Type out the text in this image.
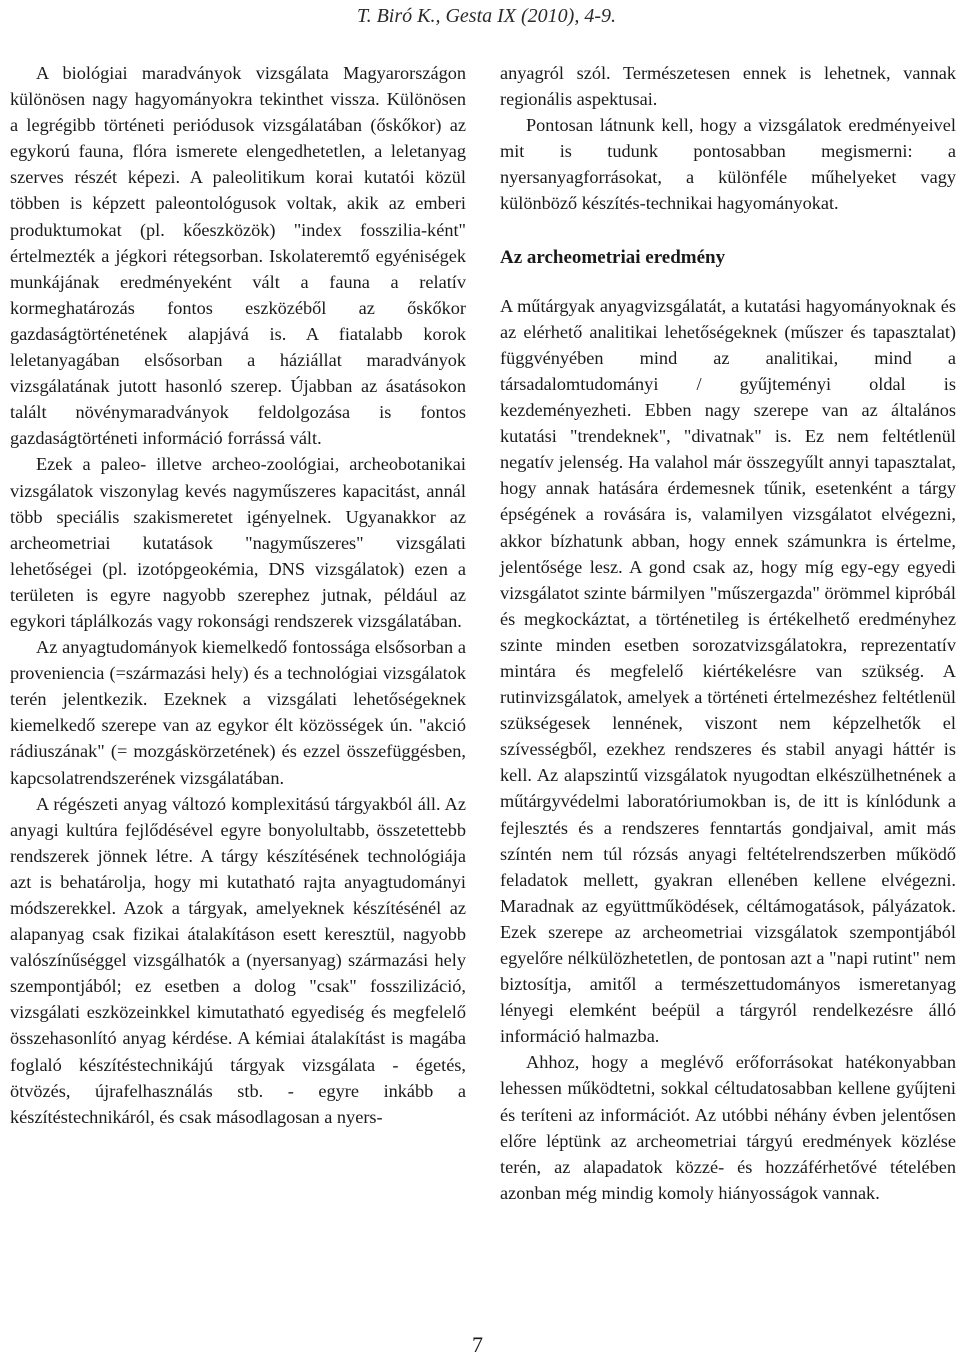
T. Biró K., Gesta IX (2010), 4-9.

A biológiai maradványok vizsgálata Magyarországon különösen nagy hagyományokra tekinthet vissza. Különösen a legrégibb történeti periódusok vizsgálatában (őskőkor) az egykorú fauna, flóra ismerete elengedhetetlen, a leletanyag szerves részét képezi. A paleolitikum korai kutatói közül többen is képzett paleontológusok voltak, akik az emberi produktumokat (pl. kőeszközök) "index fosszilia-ként" értelmezték a jégkori rétegsorban. Iskolateremtő egyéniségek munkájának eredményeként vált a fauna a relatív kormeghatározás fontos eszközéből az őskőkor gazdaságtörténetének alapjává is. A fiatalabb korok leletanyagában elsősorban a háziállat maradványok vizsgálatának jutott hasonló szerep. Újabban az ásatásokon talált növénymaradványok feldolgozása is fontos gazdaságtörténeti információ forrássá vált.

Ezek a paleo- illetve archeo-zoológiai, archeobotanikai vizsgálatok viszonylag kevés nagyműszeres kapacitást, annál több speciális szakismeretet igényelnek. Ugyanakkor az archeometriai kutatások "nagyműszeres" vizsgálati lehetőségei (pl. izotópgeokémia, DNS vizsgálatok) ezen a területen is egyre nagyobb szerephez jutnak, például az egykori táplálkozás vagy rokonsági rendszerek vizsgálatában.

Az anyagtudományok kiemelkedő fontossága elsősorban a proveniencia (=származási hely) és a technológiai vizsgálatok terén jelentkezik. Ezeknek a vizsgálati lehetőségeknek kiemelkedő szerepe van az egykor élt közösségek ún. "akció rádiuszának" (= mozgáskörzetének) és ezzel összefüggésben, kapcsolatrendszerének vizsgálatában.

A régészeti anyag változó komplexitású tárgyakból áll. Az anyagi kultúra fejlődésével egyre bonyolultabb, összetettebb rendszerek jönnek létre. A tárgy készítésének technológiája azt is behatárolja, hogy mi kutatható rajta anyagtudományi módszerekkel. Azok a tárgyak, amelyeknek készítésénél az alapanyag csak fizikai átalakításon esett keresztül, nagyobb valószínűséggel vizsgálhatók a (nyersanyag) származási hely szempontjából; ez esetben a dolog "csak" fosszilizáció, vizsgálati eszközeinkkel kimutatható egyediség és megfelelő összehasonlító anyag kérdése. A kémiai átalakítást is magába foglaló készítéstechnikájú tárgyak vizsgálata - égetés, ötvözés, újrafelhasználás stb. - egyre inkább a készítéstechnikáról, és csak másodlagosan a nyers-

anyagról szól. Természetesen ennek is lehetnek, vannak regionális aspektusai.

Pontosan látnunk kell, hogy a vizsgálatok eredményeivel mit is tudunk pontosabban megismerni: a nyersanyagforrásokat, a különféle műhelyeket vagy különböző készítés-technikai hagyományokat.

Az archeometriai eredmény

A műtárgyak anyagvizsgálatát, a kutatási hagyományoknak és az elérhető analitikai lehetőségeknek (műszer és tapasztalat) függvényében mind az analitikai, mind a társadalomtudományi / gyűjteményi oldal is kezdeményezheti. Ebben nagy szerepe van az általános kutatási "trendeknek", "divatnak" is. Ez nem feltétlenül negatív jelenség. Ha valahol már összegyűlt annyi tapasztalat, hogy annak hatására érdemesnek tűnik, esetenként a tárgy épségének a rovására is, valamilyen vizsgálatot elvégezni, akkor bízhatunk abban, hogy ennek számunkra is értelme, jelentősége lesz. A gond csak az, hogy míg egy-egy egyedi vizsgálatot szinte bármilyen "műszergazda" örömmel kipróbál és megkockáztat, a történetileg is értékelhető eredményhez szinte minden esetben sorozatvizsgálatokra, reprezentatív mintára és megfelelő kiértékelésre van szükség. A rutinvizsgálatok, amelyek a történeti értelmezéshez feltétlenül szükségesek lennének, viszont nem képzelhetők el szívességből, ezekhez rendszeres és stabil anyagi háttér is kell. Az alapszintű vizsgálatok nyugodtan elkészülhetnének a műtárgyvédelmi laboratóriumokban is, de itt is kínlódunk a fejlesztés és a rendszeres fenntartás gondjaival, amit más színtén nem túl rózsás anyagi feltételrendszerben működő feladatok mellett, gyakran ellenében kellene elvégezni. Maradnak az együttműködések, céltámogatások, pályázatok. Ezek szerepe az archeometriai vizsgálatok szempontjából egyelőre nélkülözhetetlen, de pontosan azt a "napi rutint" nem biztosítja, amitől a természettudományos ismeretanyag lényegi elemként beépül a tárgyról rendelkezésre álló információ halmazba.

Ahhoz, hogy a meglévő erőforrásokat hatékonyabban lehessen működtetni, sokkal céltudatosabban kellene gyűjteni és teríteni az információt. Az utóbbi néhány évben jelentősen előre léptünk az archeometriai tárgyú eredmények közlése terén, az alapadatok közzé- és hozzáférhetővé tételében azonban még mindig komoly hiányosságok vannak.

7
